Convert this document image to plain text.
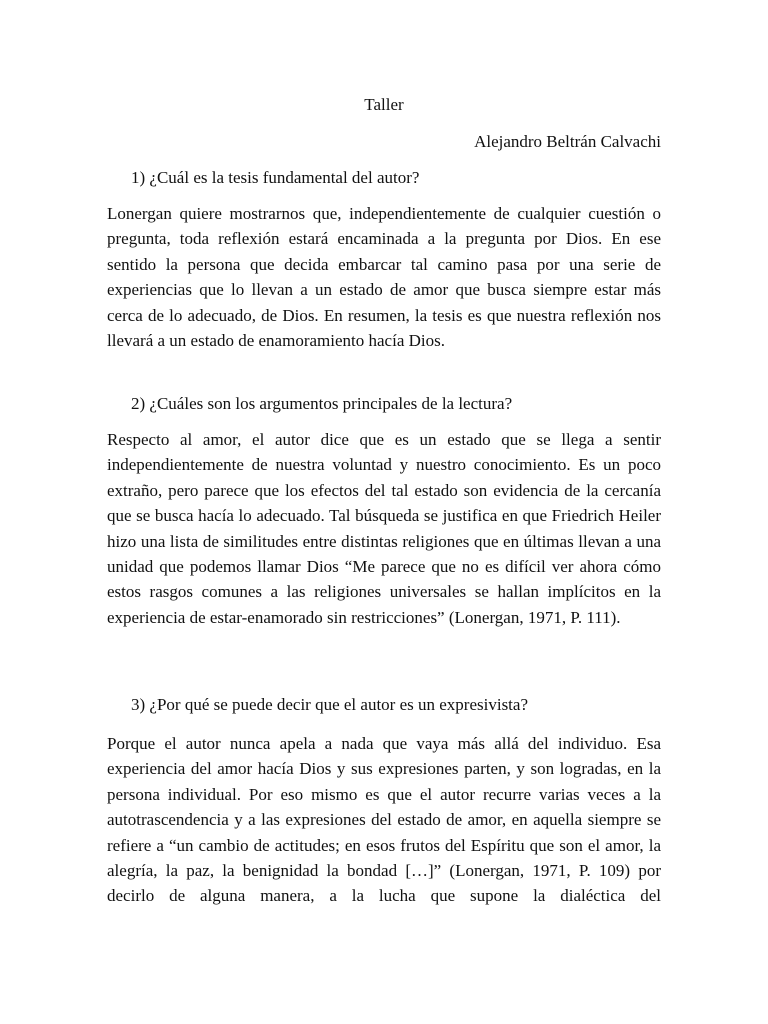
Taller
Alejandro Beltrán Calvachi
1) ¿Cuál es la tesis fundamental del autor?
Lonergan quiere mostrarnos que, independientemente de cualquier cuestión o pregunta, toda reflexión estará encaminada a la pregunta por Dios. En ese sentido la persona que decida embarcar tal camino pasa por una serie de experiencias que lo llevan a un estado de amor que busca siempre estar más cerca de lo adecuado, de Dios. En resumen, la tesis es que nuestra reflexión nos llevará a un estado de enamoramiento hacía Dios.
2) ¿Cuáles son los argumentos principales de la lectura?
Respecto al amor, el autor dice que es un estado que se llega a sentir independientemente de nuestra voluntad y nuestro conocimiento. Es un poco extraño, pero parece que los efectos del tal estado son evidencia de la cercanía que se busca hacía lo adecuado. Tal búsqueda se justifica en que Friedrich Heiler hizo una lista de similitudes entre distintas religiones que en últimas llevan a una unidad que podemos llamar Dios “Me parece que no es difícil ver ahora cómo estos rasgos comunes a las religiones universales se hallan implícitos en la experiencia de estar-enamorado sin restricciones” (Lonergan, 1971, P. 111).
3) ¿Por qué se puede decir que el autor es un expresivista?
Porque el autor nunca apela a nada que vaya más allá del individuo. Esa experiencia del amor hacía Dios y sus expresiones parten, y son logradas, en la persona individual. Por eso mismo es que el autor recurre varias veces a la autotrascendencia y a las expresiones del estado de amor, en aquella siempre se refiere a “un cambio de actitudes; en esos frutos del Espíritu que son el amor, la alegría, la paz, la benignidad la bondad […]” (Lonergan, 1971, P. 109) por decirlo de alguna manera, a la lucha que supone la dialéctica del
